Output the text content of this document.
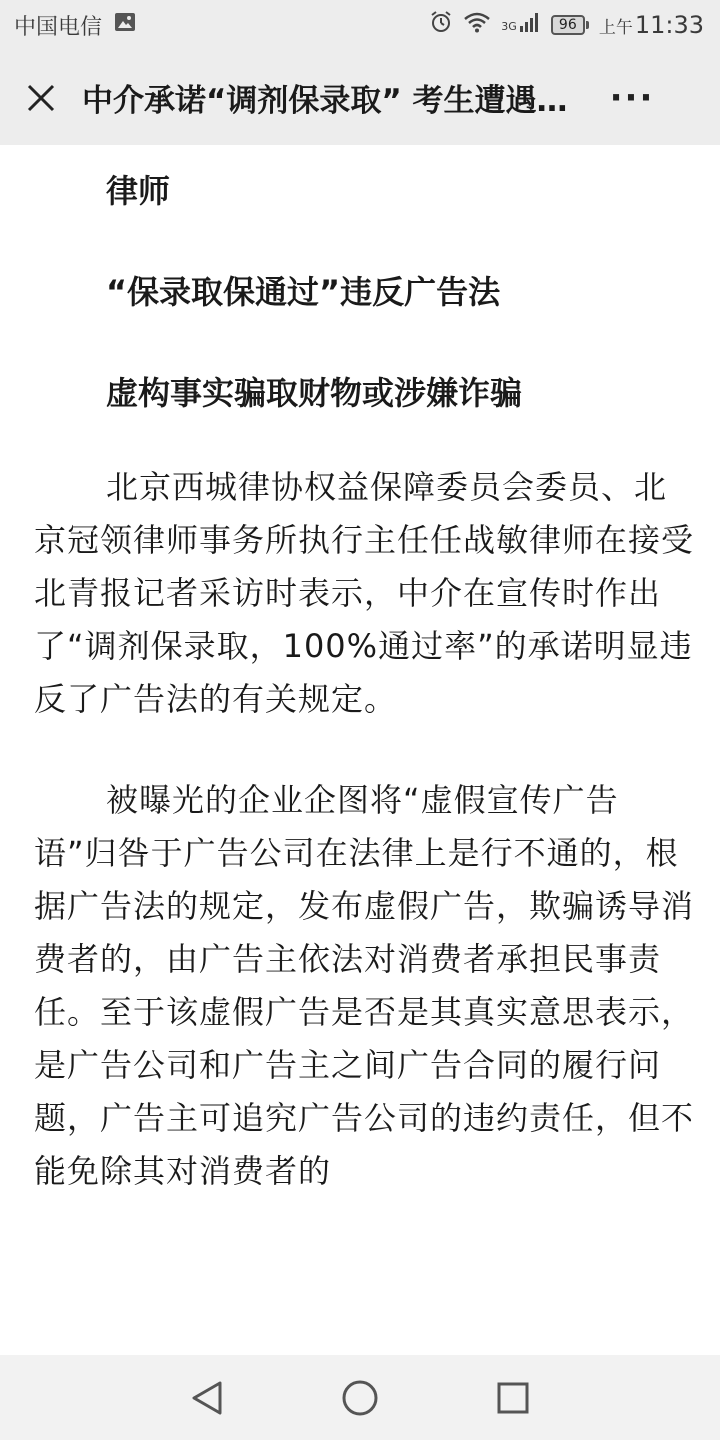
中国电信	3G	96	上午11:33
中介承诺“调剂保录取” 考生遭遇…	···

律师

“保录取保通过”违反广告法

虚构事实骗取财物或涉嫌诈骗

北京西城律协权益保障委员会委员、北京冠领律师事务所执行主任任战敏律师在接受北青报记者采访时表示，中介在宣传时作出了“调剂保录取，100%通过率”的承诺明显违反了广告法的有关规定。

被曝光的企业企图将“虚假宣传广告语”归咎于广告公司在法律上是行不通的，根据广告法的规定，发布虚假广告，欺骗诱导消费者的，由广告主依法对消费者承担民事责任。至于该虚假广告是否是其真实意思表示，是广告公司和广告主之间广告合同的履行问题，广告主可追究广告公司的违约责任，但不能免除其对消费者的
